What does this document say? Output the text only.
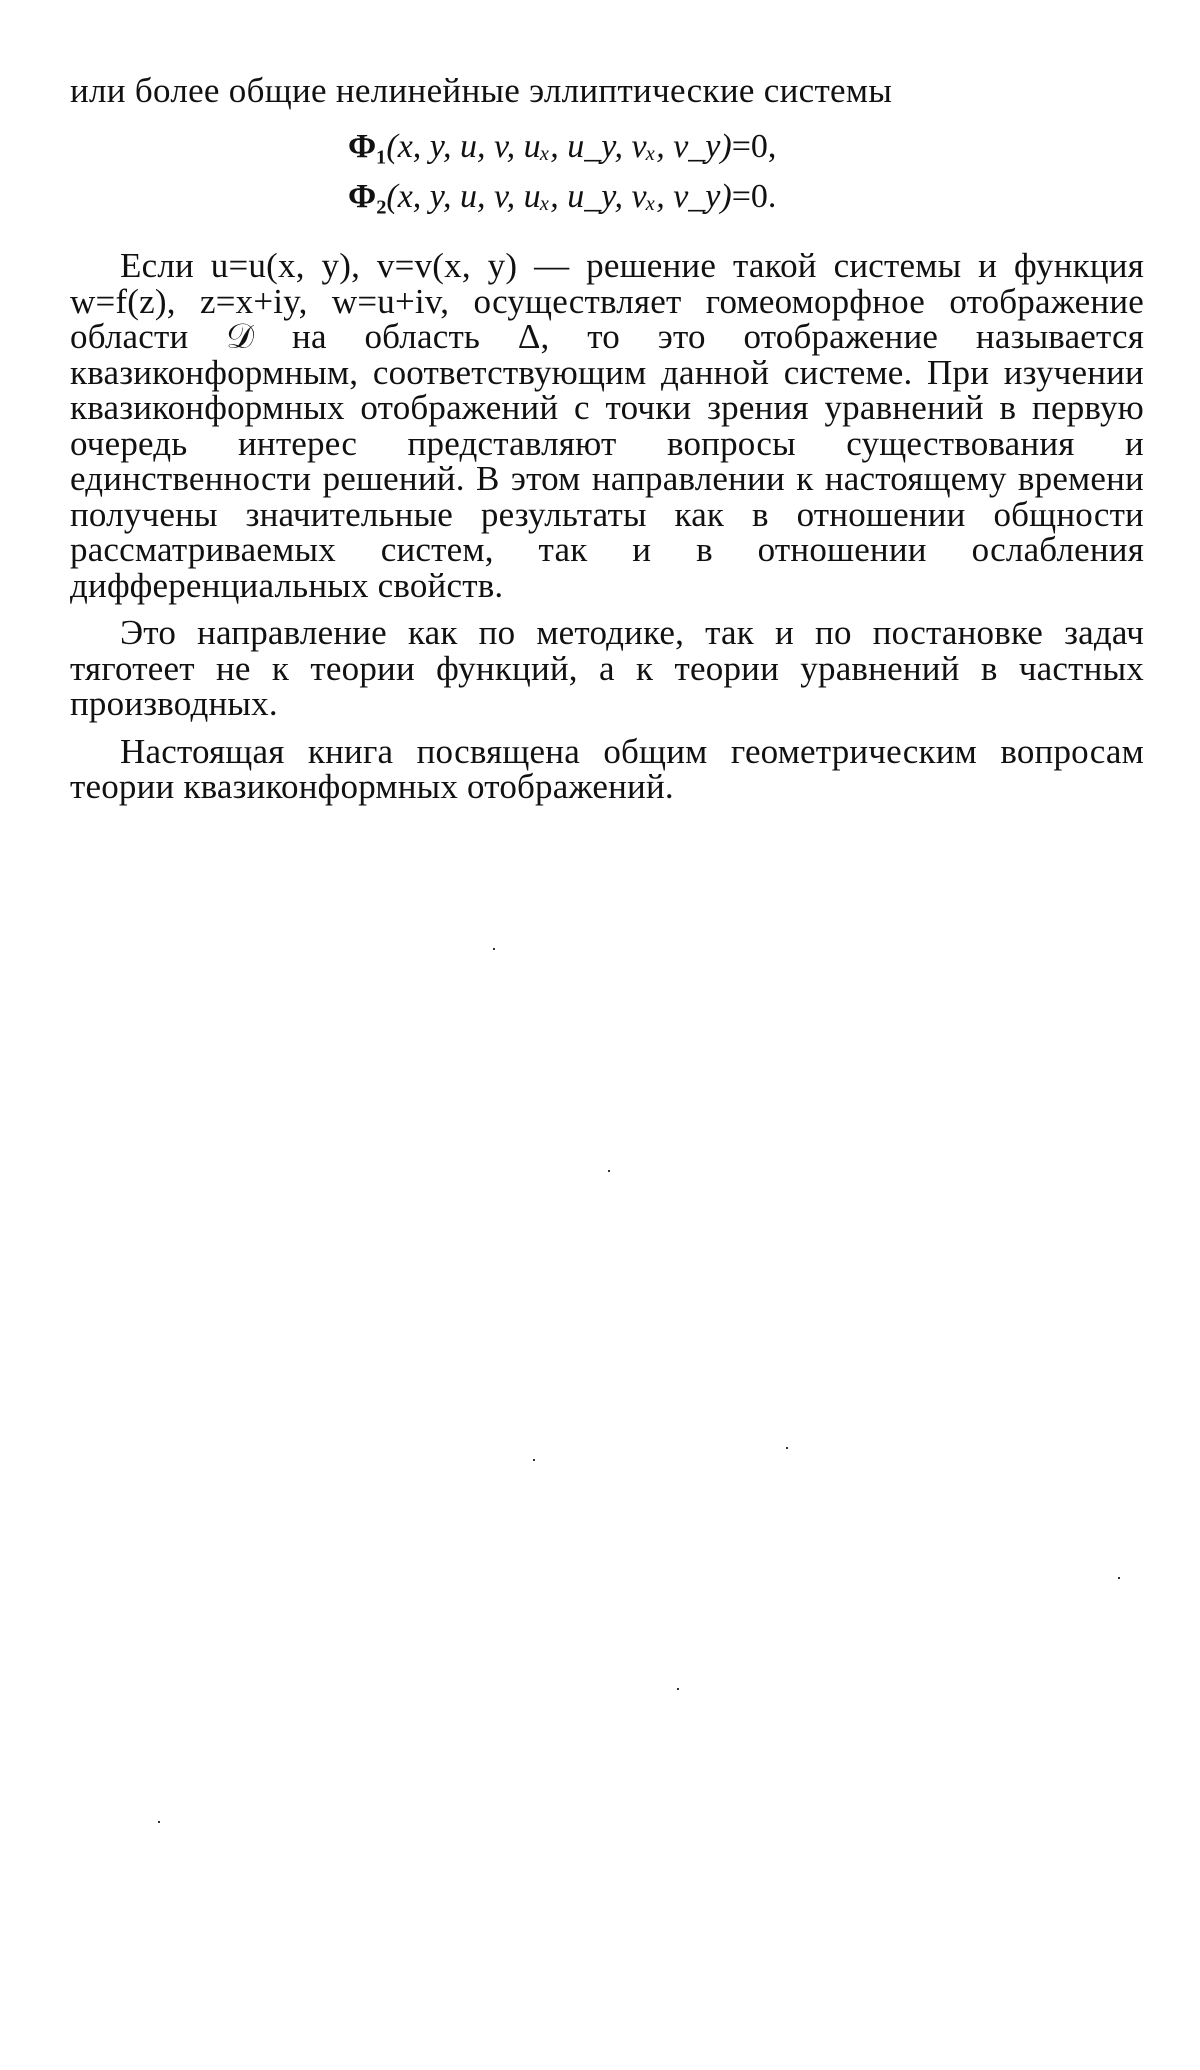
или более общие нелинейные эллиптические системы

Φ₁(x, y, u, v, uₓ, u_y, vₓ, v_y)=0,
Φ₂(x, y, u, v, uₓ, u_y, vₓ, v_y)=0.

Если u=u(x, y), v=v(x, y) — решение такой системы и функция w=f(z), z=x+iy, w=u+iv, осуществляет гомеоморфное отображение области 𝒟 на область Δ, то это отображение называется квазиконформным, соответствующим данной системе. При изучении квазиконформных отображений с точки зрения уравнений в первую очередь интерес представляют вопросы существования и единственности решений. В этом направлении к настоящему времени получены значительные результаты как в отношении общности рассматриваемых систем, так и в отношении ослабления дифференциальных свойств.

Это направление как по методике, так и по постановке задач тяготеет не к теории функций, а к теории уравнений в частных производных.

Настоящая книга посвящена общим геометрическим вопросам теории квазиконформных отображений.
